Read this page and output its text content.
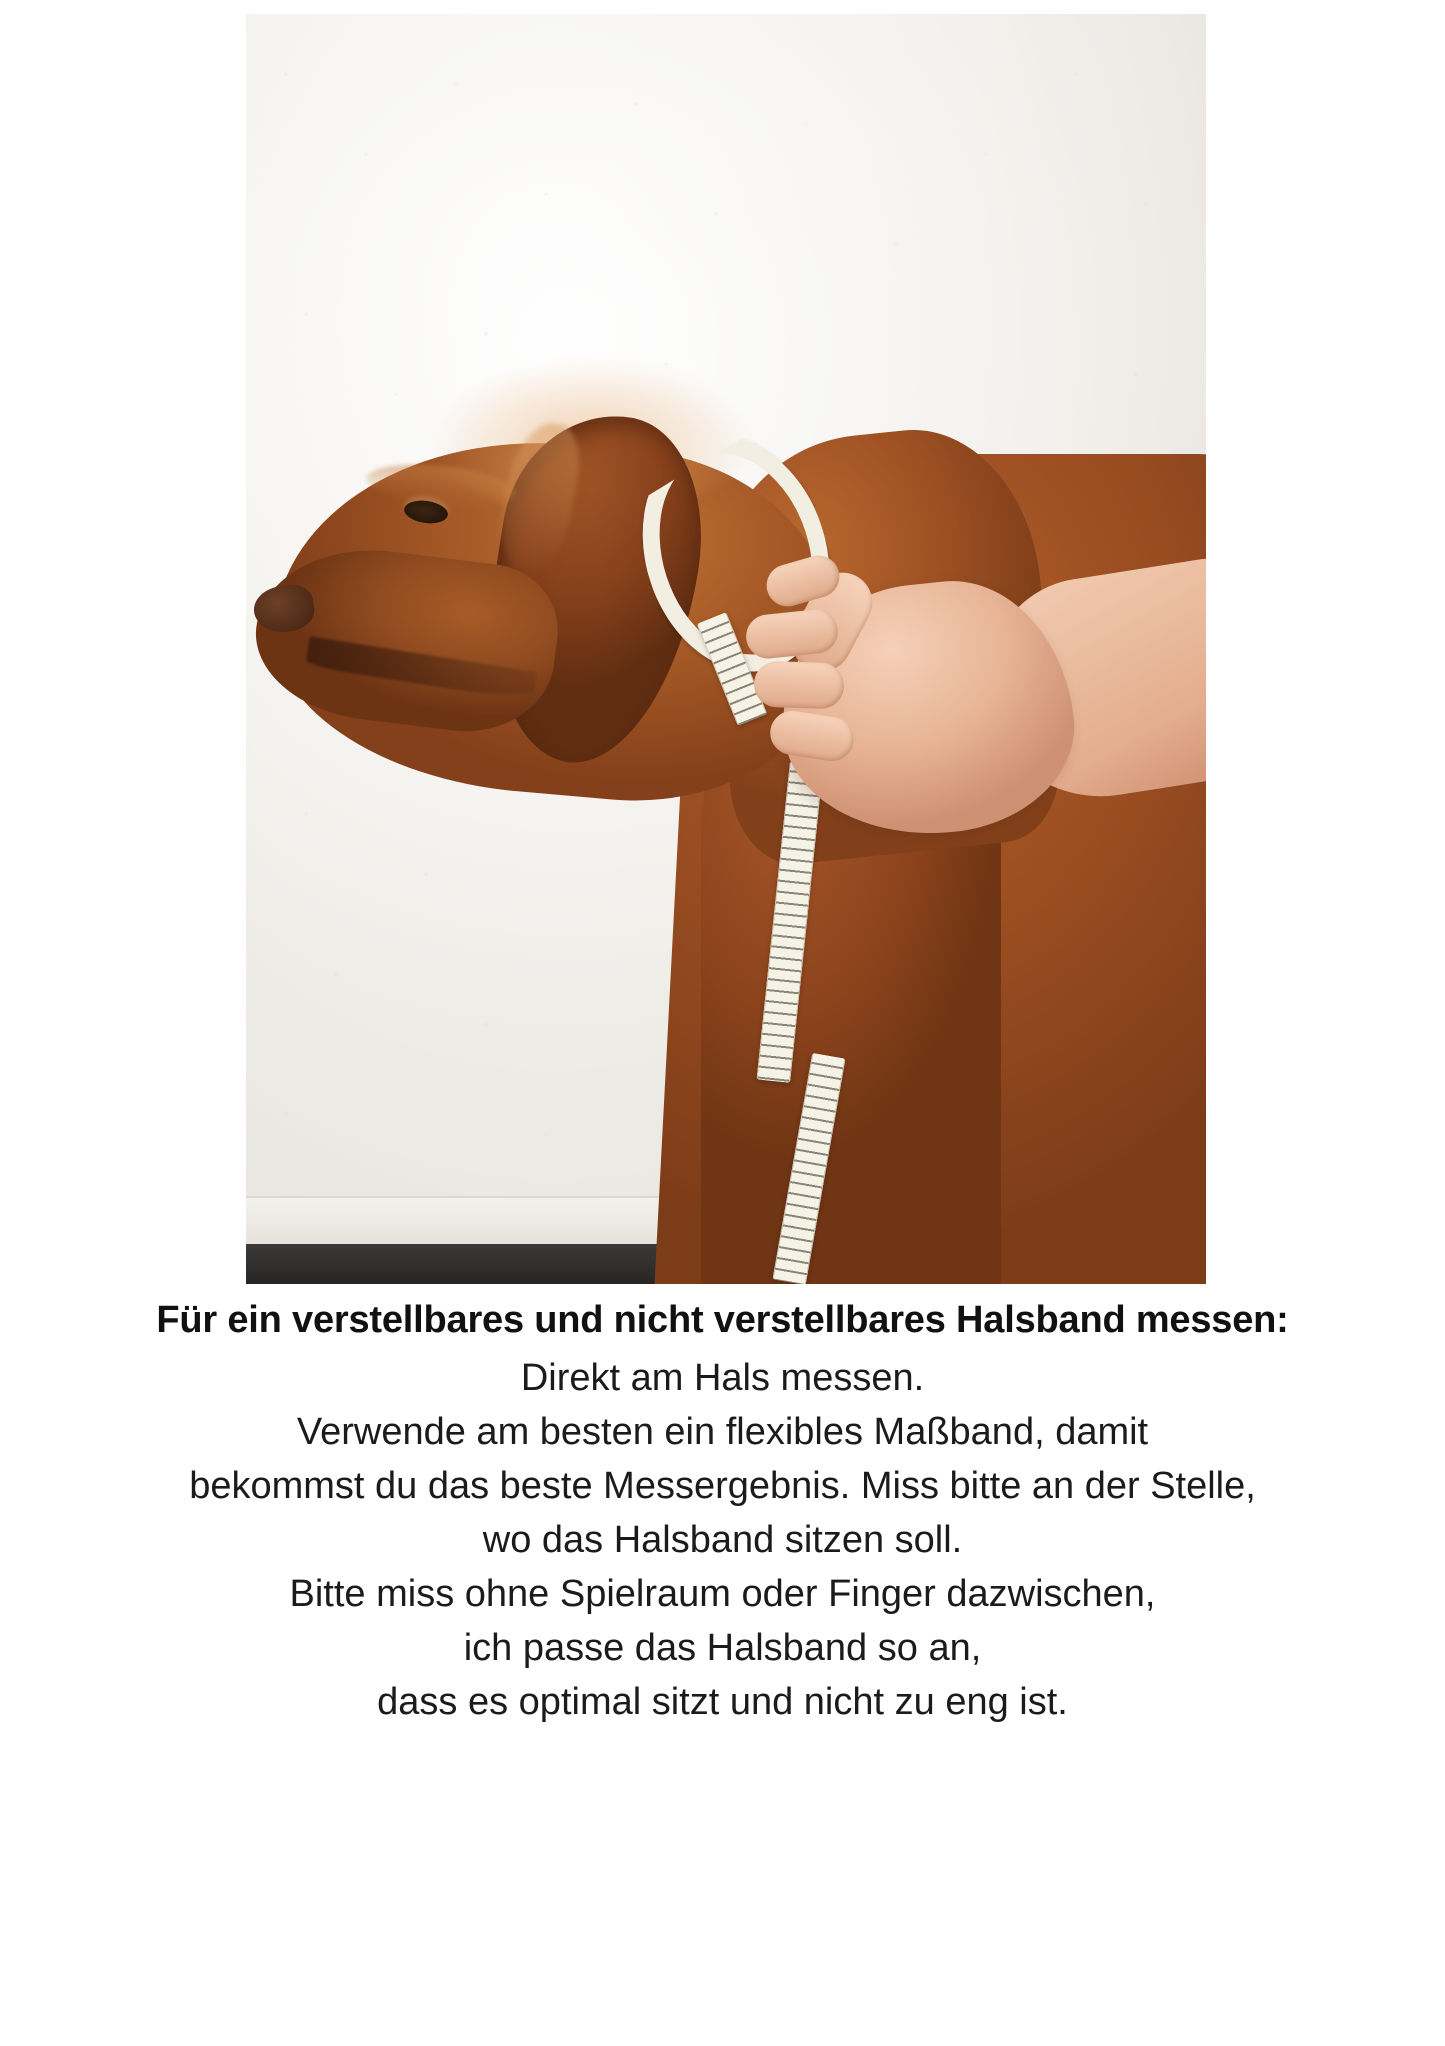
Für ein verstellbares und nicht verstellbares Halsband messen:

Direkt am Hals messen.
Verwende am besten ein flexibles Maßband, damit
bekommst du das beste Messergebnis. Miss bitte an der Stelle,
wo das Halsband sitzen soll.
Bitte miss ohne Spielraum oder Finger dazwischen,
ich passe das Halsband so an,
dass es optimal sitzt und nicht zu eng ist.
